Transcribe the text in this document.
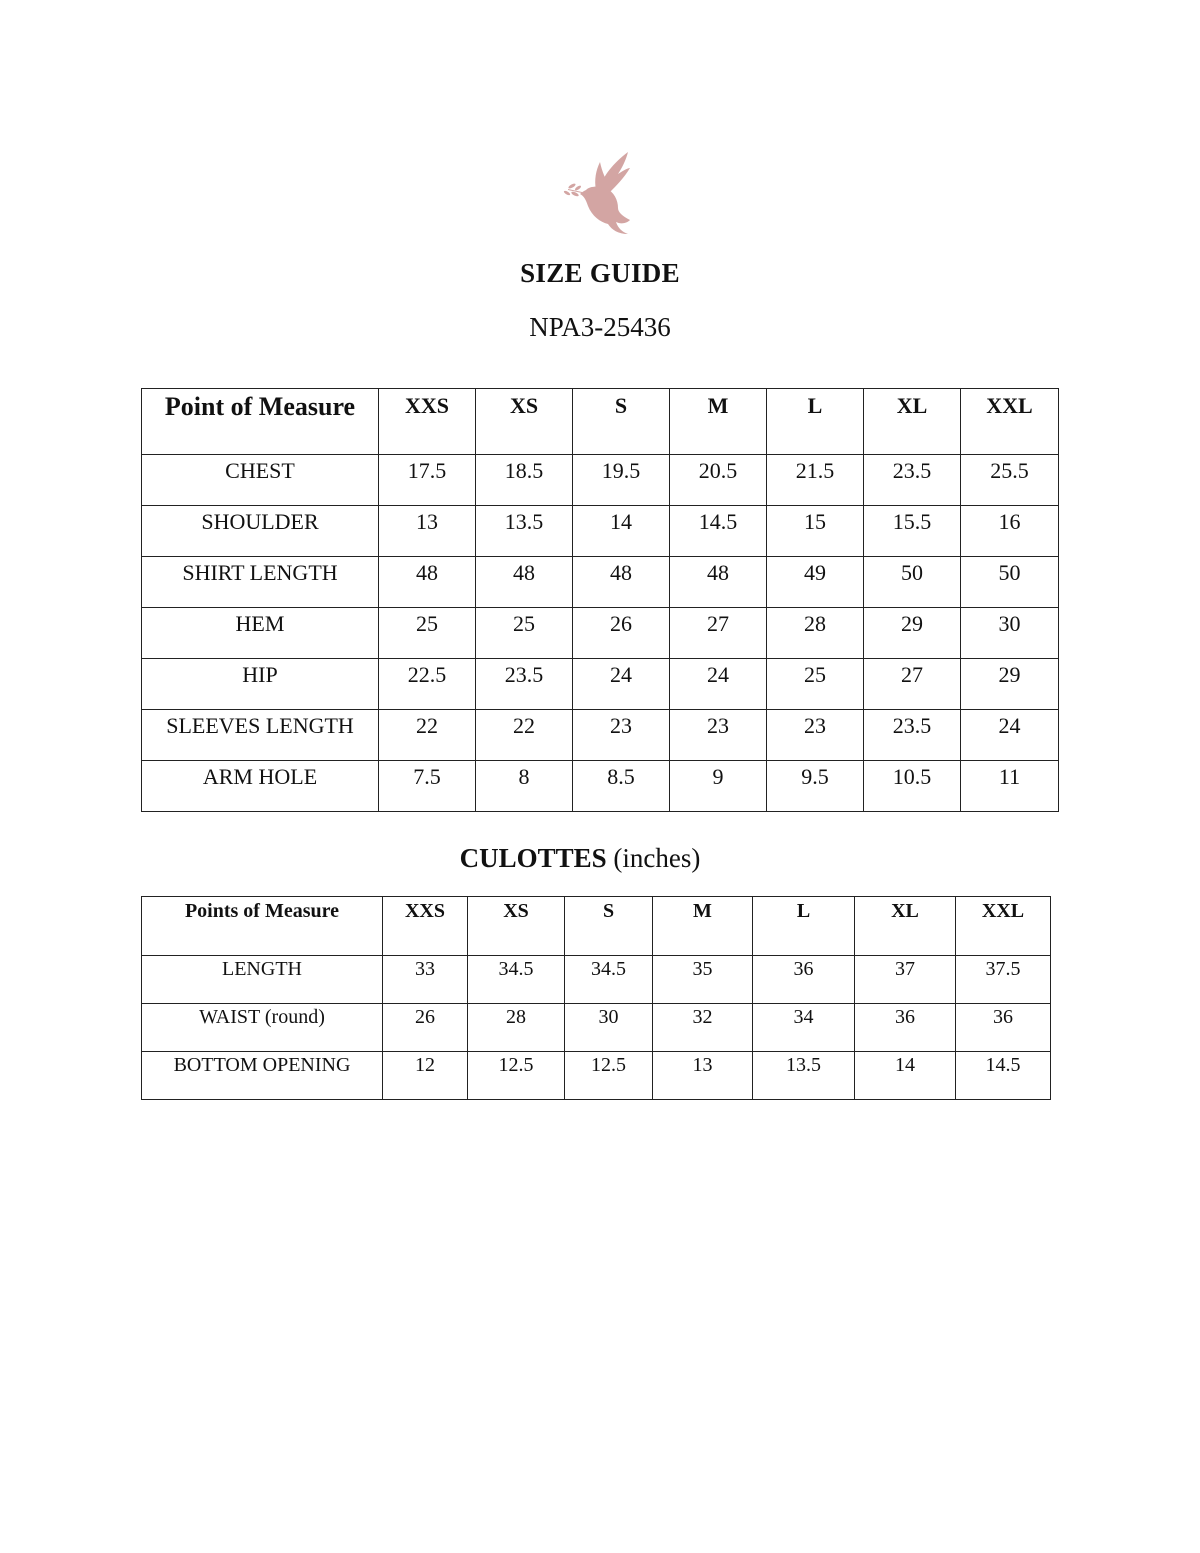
SIZE GUIDE
NPA3-25436
Point of Measure	XXS	XS	S	M	L	XL	XXL
CHEST	17.5	18.5	19.5	20.5	21.5	23.5	25.5
SHOULDER	13	13.5	14	14.5	15	15.5	16
SHIRT LENGTH	48	48	48	48	49	50	50
HEM	25	25	26	27	28	29	30
HIP	22.5	23.5	24	24	25	27	29
SLEEVES LENGTH	22	22	23	23	23	23.5	24
ARM HOLE	7.5	8	8.5	9	9.5	10.5	11
CULOTTES (inches)
Points of Measure	XXS	XS	S	M	L	XL	XXL
LENGTH	33	34.5	34.5	35	36	37	37.5
WAIST (round)	26	28	30	32	34	36	36
BOTTOM OPENING	12	12.5	12.5	13	13.5	14	14.5
